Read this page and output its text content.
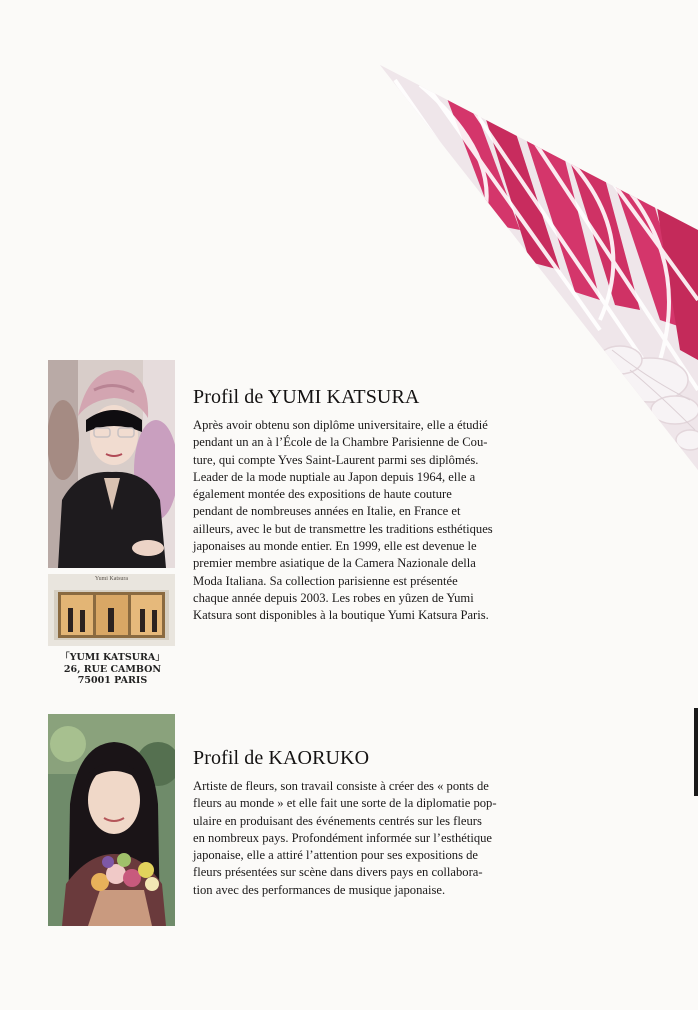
Yumi Katsura
「YUMI KATSURA」
26, RUE CAMBON
75001 PARIS
Profil de YUMI KATSURA
Après avoir obtenu son diplôme universitaire, elle a étudié
pendant un an à l’École de la Chambre Parisienne de Cou-
ture, qui compte Yves Saint-Laurent parmi ses diplômés.
Leader de la mode nuptiale au Japon depuis 1964, elle a
également montée des expositions de haute couture
pendant de nombreuses années en Italie, en France et
ailleurs, avec le but de transmettre les traditions esthétiques
japonaises au monde entier. En 1999, elle est devenue le
premier membre asiatique de la Camera Nazionale della
Moda Italiana. Sa collection parisienne est présentée
chaque année depuis 2003. Les robes en yûzen de Yumi
Katsura sont disponibles à la boutique Yumi Katsura Paris.
Profil de KAORUKO
Artiste de fleurs, son travail consiste à créer des « ponts de
fleurs au monde » et elle fait une sorte de la diplomatie pop-
ulaire en produisant des événements centrés sur les fleurs
en nombreux pays. Profondément informée sur l’esthétique
japonaise, elle a attiré l’attention pour ses expositions de
fleurs présentées sur scène dans divers pays en collabora-
tion avec des performances de musique japonaise.
